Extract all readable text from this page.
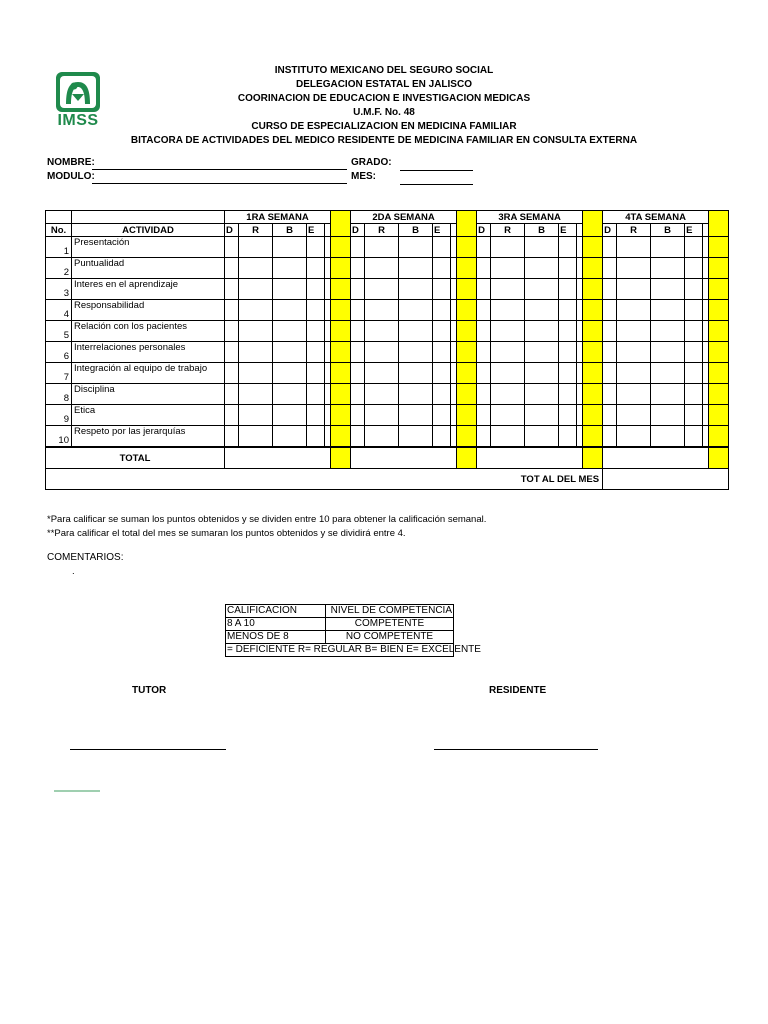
INSTITUTO MEXICANO DEL SEGURO SOCIAL
DELEGACION ESTATAL EN JALISCO
COORINACION DE EDUCACION E INVESTIGACION MEDICAS
U.M.F. No. 48
CURSO DE ESPECIALIZACION EN MEDICINA FAMILIAR
BITACORA DE ACTIVIDADES DEL MEDICO RESIDENTE DE MEDICINA FAMILIAR EN CONSULTA EXTERNA
IMSS
NOMBRE:
MODULO:
GRADO:
MES:
		1RA SEMANA						2DA SEMANA						3RA SEMANA						4TA SEMANA					
No.	ACTIVIDAD	D	R	B	E			D	R	B	E			D	R	B	E			D	R	B	E		
1	Presentación																								
2	Puntualidad																								
3	Interes en el aprendizaje																								
4	Responsabilidad																								
5	Relación con los pacientes																								
6	Interrelaciones personales																								
7	Integración al equipo de trabajo																								
8	Disciplina																								
9	Etica																								
10	Respeto por las jerarquías																								
TOTAL																									
TOT AL DEL MES																									
*Para calificar se suman los puntos obtenidos y se dividen entre 10 para obtener la calificación semanal.
**Para calificar el total del mes se sumaran los puntos obtenidos y se dividirá entre 4.
COMENTARIOS:
.
CALIFICACION	NIVEL DE COMPETENCIA
8 A 10	COMPETENTE
MENOS DE 8	NO COMPETENTE
= DEFICIENTE R= REGULAR B= BIEN E= EXCELENTE	
TUTOR	RESIDENTE
